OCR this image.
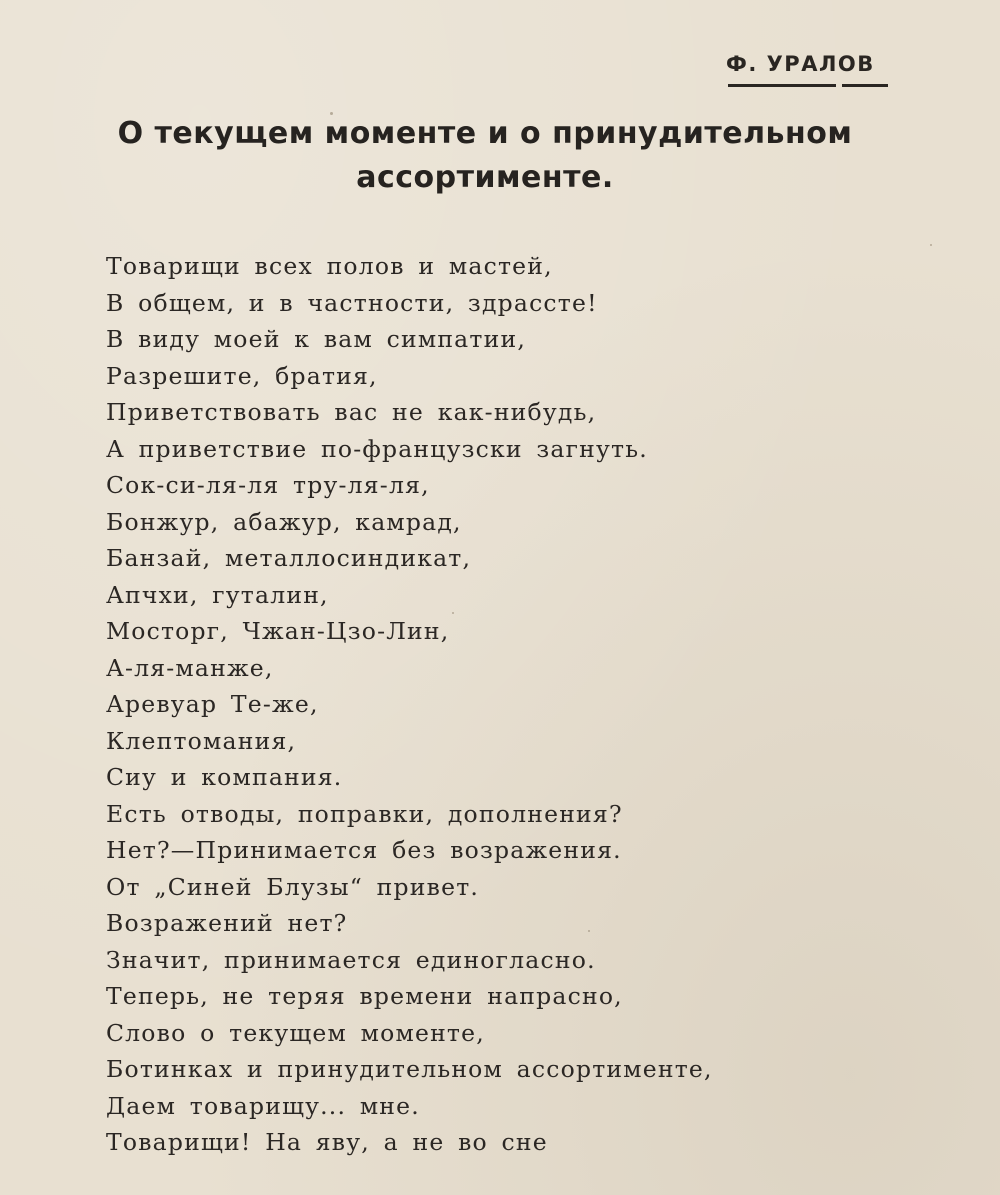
Ф. УРАЛОВ
О текущем моменте и о принудительном
ассортименте.
Товарищи всех полов и мастей,
В общем, и в частности, здрассте!
В виду моей к вам симпатии,
Разрешите, братия,
Приветствовать вас не как-нибудь,
А приветствие по-французски загнуть.
Сок-си-ля-ля тру-ля-ля,
Бонжур, абажур, камрад,
Банзай, металлосиндикат,
Апчхи, гуталин,
Мосторг, Чжан-Цзо-Лин,
А-ля-манже,
Аревуар Те-же,
Клептомания,
Сиу и компания.
Есть отводы, поправки, дополнения?
Нет?—Принимается без возражения.
От „Синей Блузы“ привет.
Возражений нет?
Значит, принимается единогласно.
Теперь, не теряя времени напрасно,
Слово о текущем моменте,
Ботинках и принудительном ассортименте,
Даем товарищу... мне.
Товарищи! На яву, а не во сне
